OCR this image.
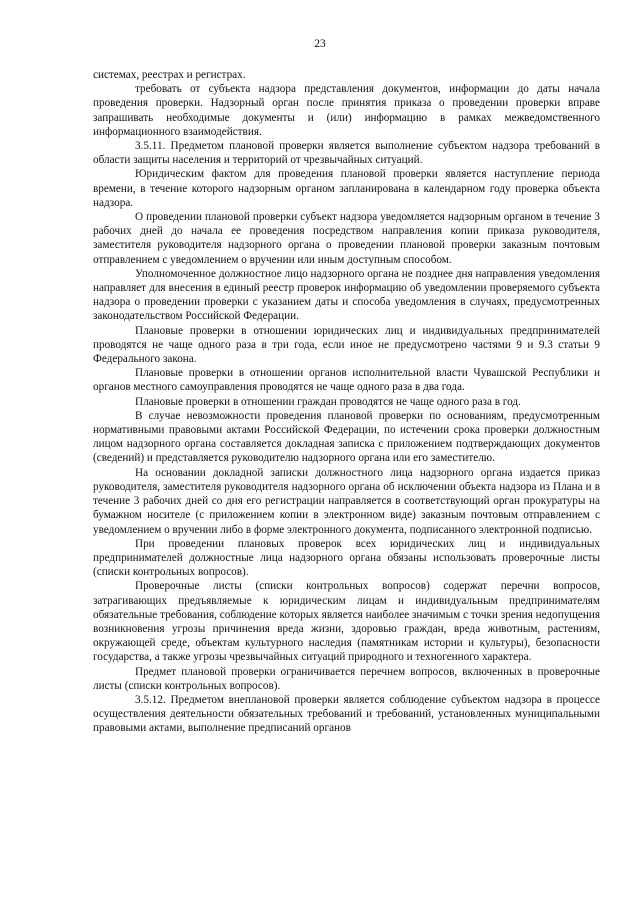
23

системах, реестрах и регистрах.

требовать от субъекта надзора представления документов, информации до даты начала проведения проверки. Надзорный орган после принятия приказа о проведении проверки вправе запрашивать необходимые документы и (или) информацию в рамках межведомственного информационного взаимодействия.

3.5.11. Предметом плановой проверки является выполнение субъектом надзора требований в области защиты населения и территорий от чрезвычайных ситуаций.

Юридическим фактом для проведения плановой проверки является наступление периода времени, в течение которого надзорным органом запланирована в календарном году проверка объекта надзора.

О проведении плановой проверки субъект надзора уведомляется надзорным органом в течение 3 рабочих дней до начала ее проведения посредством направления копии приказа руководителя, заместителя руководителя надзорного органа о проведении плановой проверки заказным почтовым отправлением с уведомлением о вручении или иным доступным способом.

Уполномоченное должностное лицо надзорного органа не позднее дня направления уведомления направляет для внесения в единый реестр проверок информацию об уведомлении проверяемого субъекта надзора о проведении проверки с указанием даты и способа уведомления в случаях, предусмотренных законодательством Российской Федерации.

Плановые проверки в отношении юридических лиц и индивидуальных предпринимателей проводятся не чаще одного раза в три года, если иное не предусмотрено частями 9 и 9.3 статьи 9 Федерального закона.

Плановые проверки в отношении органов исполнительной власти Чувашской Республики и органов местного самоуправления проводятся не чаще одного раза в два года.

Плановые проверки в отношении граждан проводятся не чаще одного раза в год.

В случае невозможности проведения плановой проверки по основаниям, предусмотренным нормативными правовыми актами Российской Федерации, по истечении срока проверки должностным лицом надзорного органа составляется докладная записка с приложением подтверждающих документов (сведений) и представляется руководителю надзорного органа или его заместителю.

На основании докладной записки должностного лица надзорного органа издается приказ руководителя, заместителя руководителя надзорного органа об исключении объекта надзора из Плана и в течение 3 рабочих дней со дня его регистрации направляется в соответствующий орган прокуратуры на бумажном носителе (с приложением копии в электронном виде) заказным почтовым отправлением с уведомлением о вручении либо в форме электронного документа, подписанного электронной подписью.

При проведении плановых проверок всех юридических лиц и индивидуальных предпринимателей должностные лица надзорного органа обязаны использовать проверочные листы (списки контрольных вопросов).

Проверочные листы (списки контрольных вопросов) содержат перечни вопросов, затрагивающих предъявляемые к юридическим лицам и индивидуальным предпринимателям обязательные требования, соблюдение которых является наиболее значимым с точки зрения недопущения возникновения угрозы причинения вреда жизни, здоровью граждан, вреда животным, растениям, окружающей среде, объектам культурного наследия (памятникам истории и культуры), безопасности государства, а также угрозы чрезвычайных ситуаций природного и техногенного характера.

Предмет плановой проверки ограничивается перечнем вопросов, включенных в проверочные листы (списки контрольных вопросов).

3.5.12. Предметом внеплановой проверки является соблюдение субъектом надзора в процессе осуществления деятельности обязательных требований и требований, установленных муниципальными правовыми актами, выполнение предписаний органов
